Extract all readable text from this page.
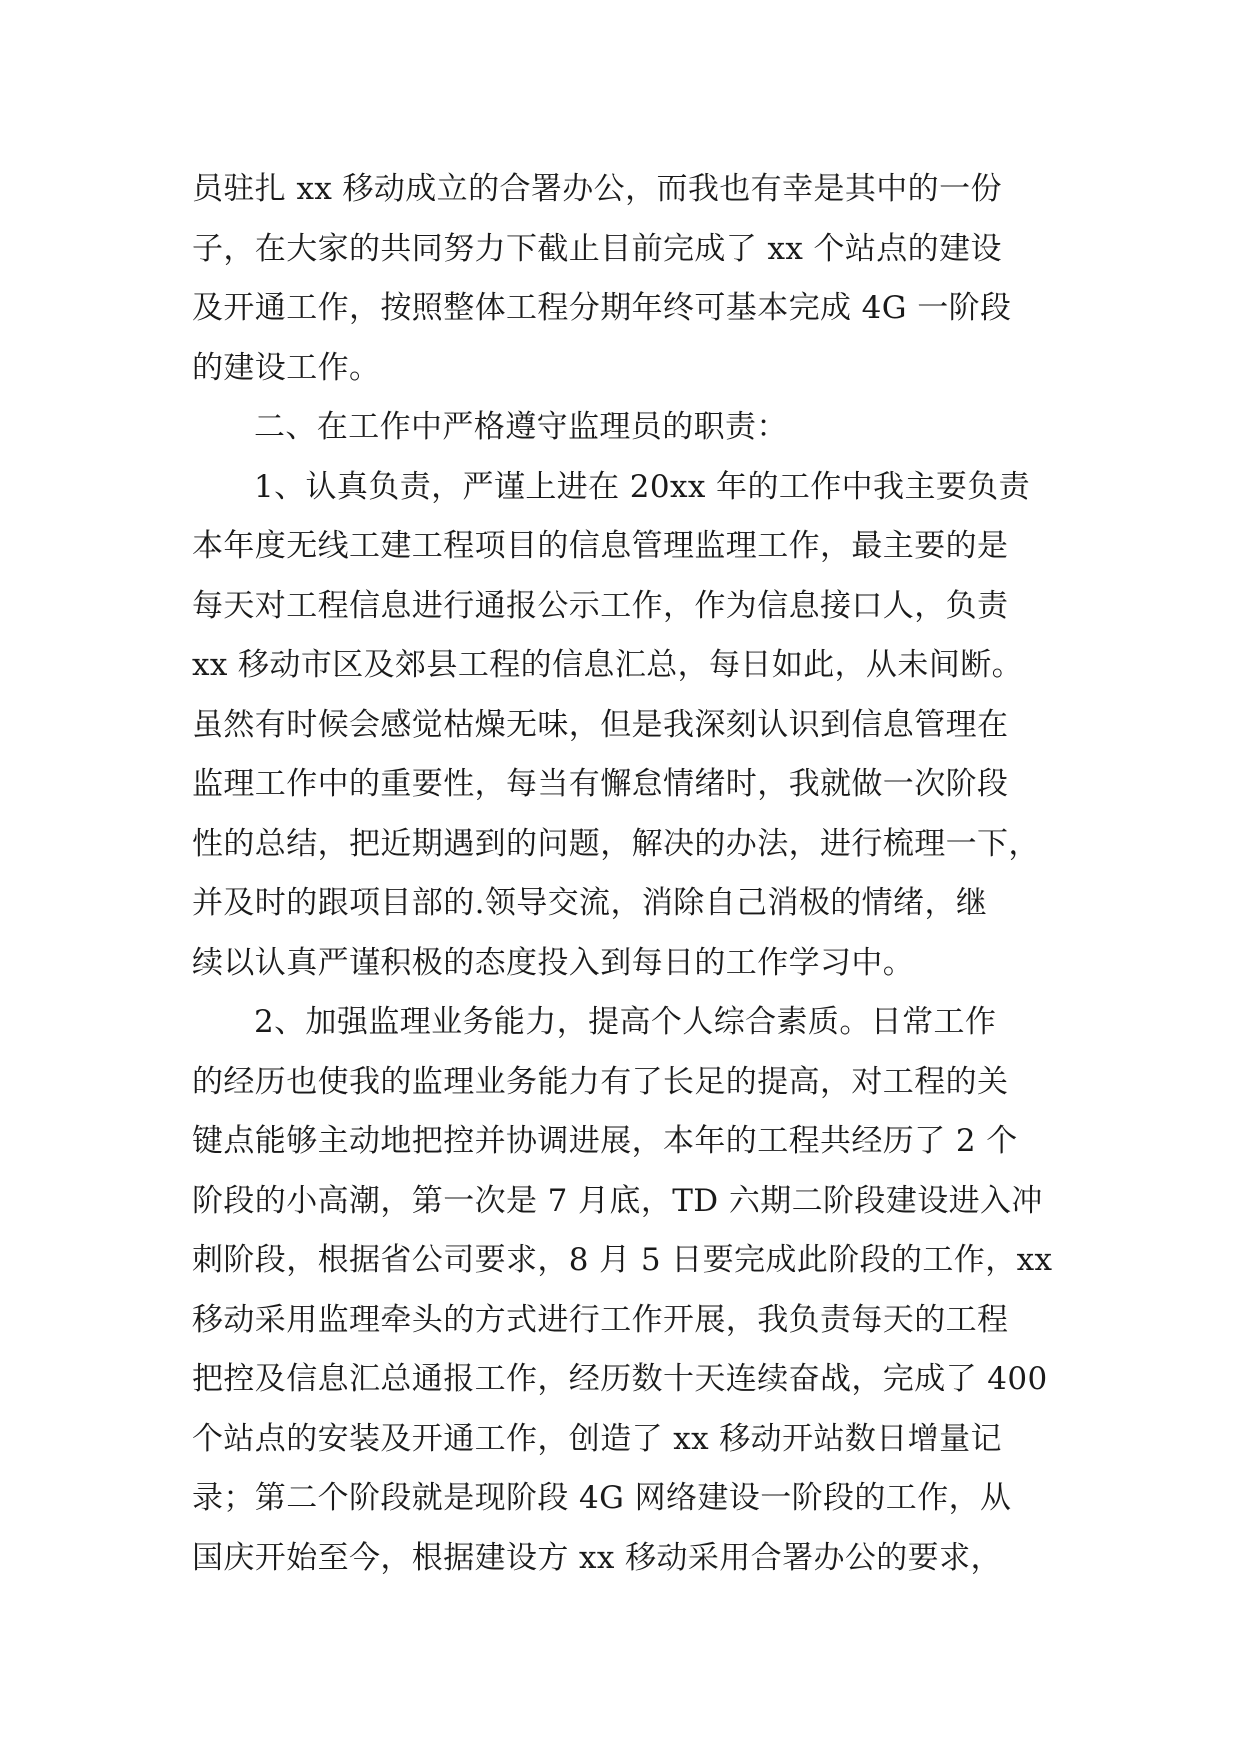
员驻扎 xx 移动成立的合署办公，而我也有幸是其中的一份
子，在大家的共同努力下截止目前完成了 xx 个站点的建设
及开通工作，按照整体工程分期年终可基本完成 4G 一阶段
的建设工作。
二、在工作中严格遵守监理员的职责：
1、认真负责，严谨上进在 20xx 年的工作中我主要负责
本年度无线工建工程项目的信息管理监理工作，最主要的是
每天对工程信息进行通报公示工作，作为信息接口人，负责
xx 移动市区及郊县工程的信息汇总，每日如此，从未间断。
虽然有时候会感觉枯燥无味，但是我深刻认识到信息管理在
监理工作中的重要性，每当有懈怠情绪时，我就做一次阶段
性的总结，把近期遇到的问题，解决的办法，进行梳理一下，
并及时的跟项目部的.领导交流，消除自己消极的情绪，继
续以认真严谨积极的态度投入到每日的工作学习中。
2、加强监理业务能力，提高个人综合素质。日常工作
的经历也使我的监理业务能力有了长足的提高，对工程的关
键点能够主动地把控并协调进展，本年的工程共经历了 2 个
阶段的小高潮，第一次是 7 月底，TD 六期二阶段建设进入冲
刺阶段，根据省公司要求，8 月 5 日要完成此阶段的工作，xx
移动采用监理牵头的方式进行工作开展，我负责每天的工程
把控及信息汇总通报工作，经历数十天连续奋战，完成了 400
个站点的安装及开通工作，创造了 xx 移动开站数日增量记
录；第二个阶段就是现阶段 4G 网络建设一阶段的工作，从
国庆开始至今，根据建设方 xx 移动采用合署办公的要求，
